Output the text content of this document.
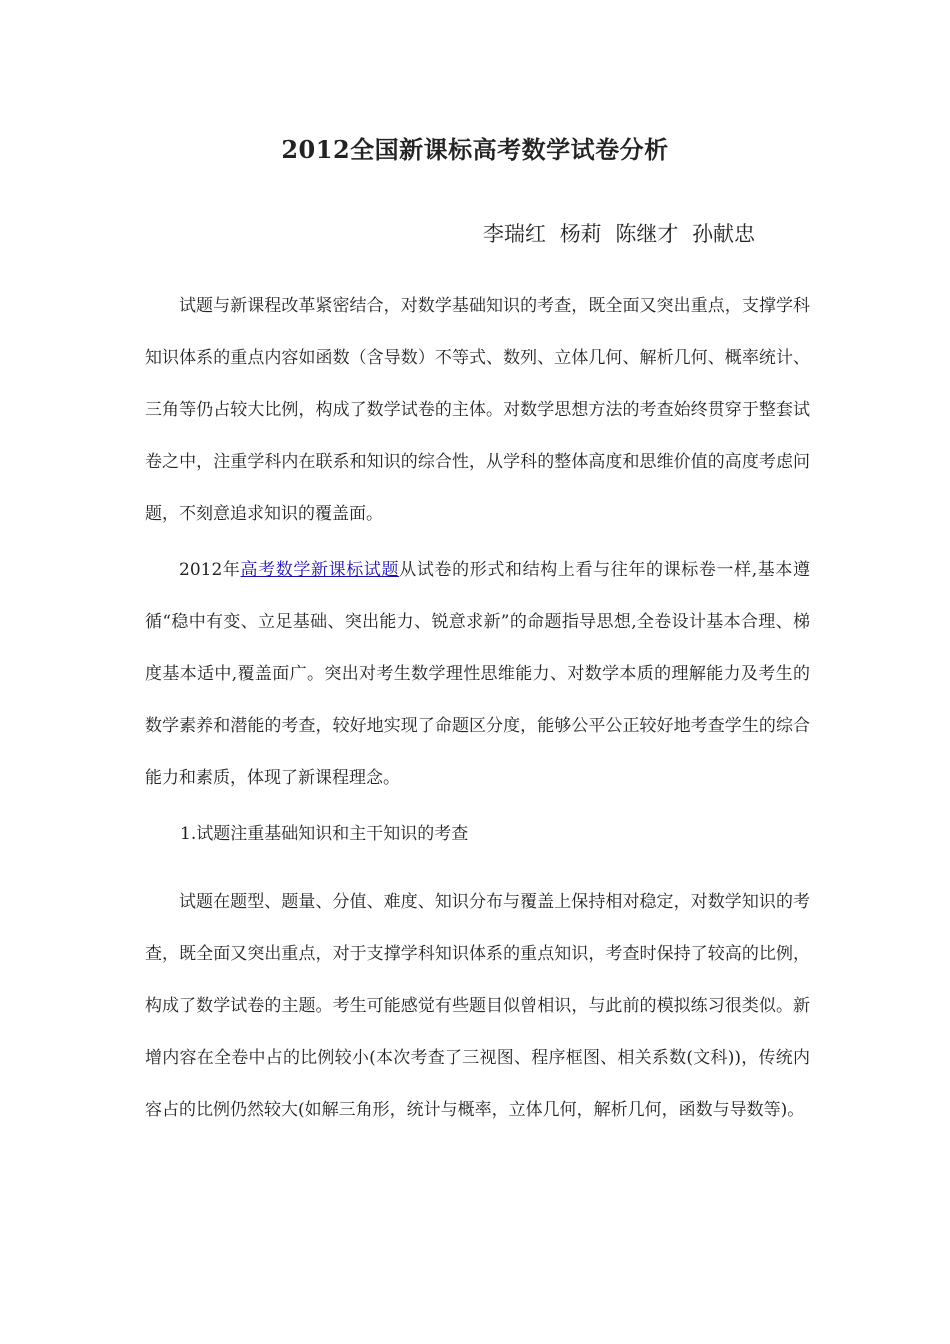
2012全国新课标高考数学试卷分析
李瑞红 杨莉 陈继才 孙献忠

试题与新课程改革紧密结合，对数学基础知识的考查，既全面又突出重点，支撑学科知识体系的重点内容如函数（含导数）不等式、数列、立体几何、解析几何、概率统计、三角等仍占较大比例，构成了数学试卷的主体。对数学思想方法的考查始终贯穿于整套试卷之中，注重学科内在联系和知识的综合性，从学科的整体高度和思维价值的高度考虑问题，不刻意追求知识的覆盖面。

2012年高考数学新课标试题从试卷的形式和结构上看与往年的课标卷一样,基本遵循“稳中有变、立足基础、突出能力、锐意求新”的命题指导思想,全卷设计基本合理、梯度基本适中,覆盖面广。突出对考生数学理性思维能力、对数学本质的理解能力及考生的数学素养和潜能的考查，较好地实现了命题区分度，能够公平公正较好地考查学生的综合能力和素质，体现了新课程理念。

1.试题注重基础知识和主干知识的考查

试题在题型、题量、分值、难度、知识分布与覆盖上保持相对稳定，对数学知识的考查，既全面又突出重点，对于支撑学科知识体系的重点知识，考查时保持了较高的比例，构成了数学试卷的主题。考生可能感觉有些题目似曾相识，与此前的模拟练习很类似。新增内容在全卷中占的比例较小(本次考查了三视图、程序框图、相关系数(文科))，传统内容占的比例仍然较大(如解三角形，统计与概率，立体几何，解析几何，函数与导数等)。
